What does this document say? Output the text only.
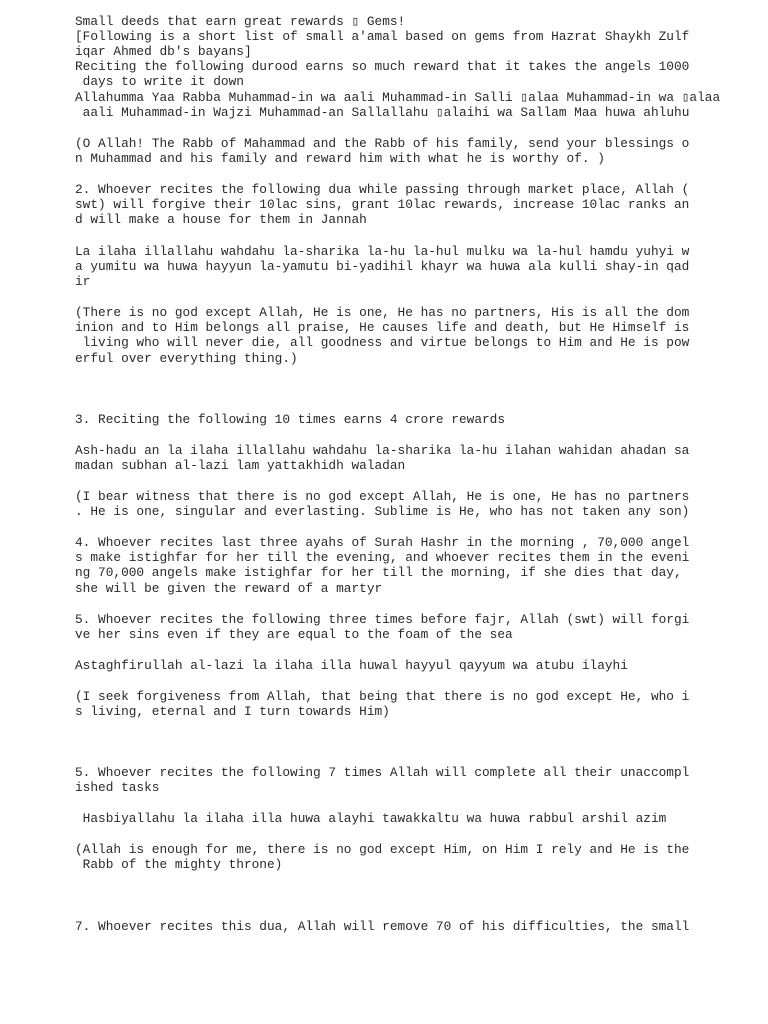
Small deeds that earn great rewards ▯ Gems!

[Following is a short list of small a'amal based on gems from Hazrat Shaykh Zulf

iqar Ahmed db's bayans]

Reciting the following durood earns so much reward that it takes the angels 1000

days to write it down

Allahumma Yaa Rabba Muhammad-in wa aali Muhammad-in Salli ▯alaa Muhammad-in wa ▯alaa

aali Muhammad-in Wajzi Muhammad-an Sallallahu ▯alaihi wa Sallam Maa huwa ahluhu

(O Allah! The Rabb of Mahammad and the Rabb of his family, send your blessings o

n Muhammad and his family and reward him with what he is worthy of. )

2. Whoever recites the following dua while passing through market place, Allah (

swt) will forgive their 10lac sins, grant 10lac rewards, increase 10lac ranks an

d will make a house for them in Jannah

La ilaha illallahu wahdahu la-sharika la-hu la-hul mulku wa la-hul hamdu yuhyi w

a yumitu wa huwa hayyun la-yamutu bi-yadihil khayr wa huwa ala kulli shay-in qad

ir

(There is no god except Allah, He is one, He has no partners, His is all the dom

inion and to Him belongs all praise, He causes life and death, but He Himself is

living who will never die, all goodness and virtue belongs to Him and He is pow

erful over everything thing.)

3. Reciting the following 10 times earns 4 crore rewards

Ash-hadu an la ilaha illallahu wahdahu la-sharika la-hu ilahan wahidan ahadan sa

madan subhan al-lazi lam yattakhidh waladan

(I bear witness that there is no god except Allah, He is one, He has no partners

. He is one, singular and everlasting. Sublime is He, who has not taken any son)

4. Whoever recites last three ayahs of Surah Hashr in the morning , 70,000 angel

s make istighfar for her till the evening, and whoever recites them in the eveni

ng 70,000 angels make istighfar for her till the morning, if she dies that day,

she will be given the reward of a martyr

5. Whoever recites the following three times before fajr, Allah (swt) will forgi

ve her sins even if they are equal to the foam of the sea

Astaghfirullah al-lazi la ilaha illa huwal hayyul qayyum wa atubu ilayhi

(I seek forgiveness from Allah, that being that there is no god except He, who i

s living, eternal and I turn towards Him)

5. Whoever recites the following 7 times Allah will complete all their unaccompl

ished tasks

Hasbiyallahu la ilaha illa huwa alayhi tawakkaltu wa huwa rabbul arshil azim

(Allah is enough for me, there is no god except Him, on Him I rely and He is the

Rabb of the mighty throne)

7. Whoever recites this dua, Allah will remove 70 of his difficulties, the small
